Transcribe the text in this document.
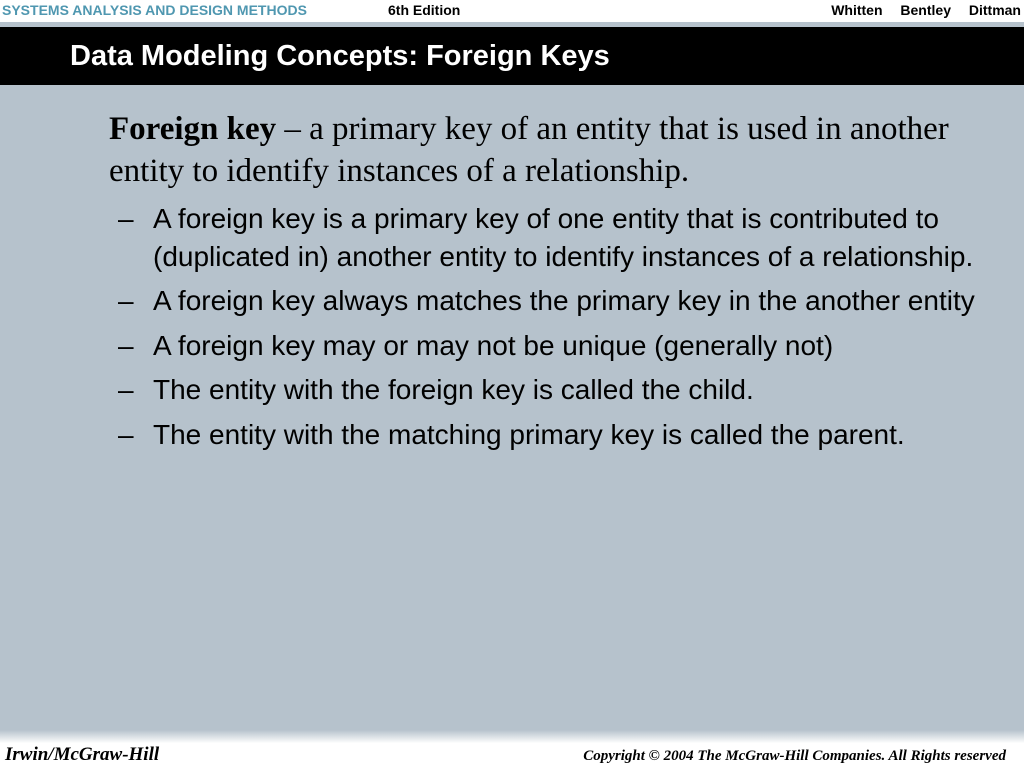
SYSTEMS ANALYSIS AND DESIGN METHODS	6th Edition	Whitten Bentley Dittman
Data Modeling Concepts: Foreign Keys

Foreign key – a primary key of an entity that is used in another entity to identify instances of a relationship.

– A foreign key is a primary key of one entity that is contributed to (duplicated in) another entity to identify instances of a relationship.
– A foreign key always matches the primary key in the another entity
– A foreign key may or may not be unique (generally not)
– The entity with the foreign key is called the child.
– The entity with the matching primary key is called the parent.
Irwin/McGraw-Hill	Copyright © 2004 The McGraw-Hill Companies. All Rights reserved
